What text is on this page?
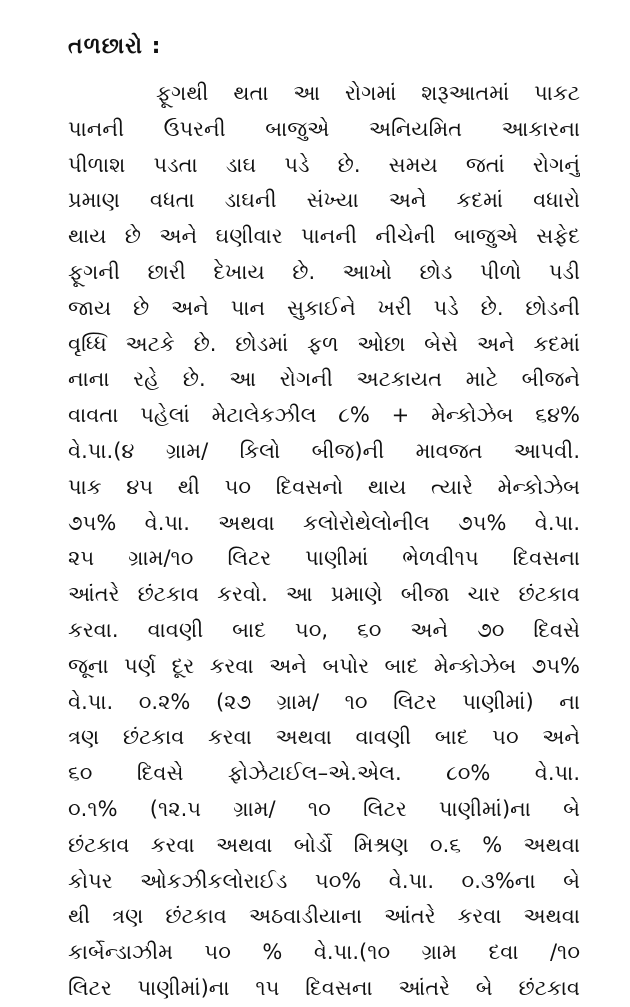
તળછારો :
ફૂગથી થતા આ રોગમાં શરૂઆતમાં પાકટ
પાનની ઉપરની બાજુએ અનિયમિત આકારના
પીળાશ પડતા ડાઘ પડે છે. સમય જતાં રોગનું
પ્રમાણ વધતા ડાઘની સંખ્યા અને કદમાં વધારો
થાય છે અને ઘણીવાર પાનની નીચેની બાજુએ સફેદ
ફૂગની છારી દેખાય છે. આખો છોડ પીળો પડી
જાય છે અને પાન સુકાઈને ખરી પડે છે. છોડની
વૃધ્ધિ અટકે છે. છોડમાં ફળ ઓછા બેસે અને કદમાં
નાના રહે છે. આ રોગની અટકાયત માટે બીજને
વાવતા પહેલાં મેટાલેકઝીલ ૮% + મેન્કોઝેબ ૬૪%
વે.પા.(૪ ગ્રામ/ કિલો બીજ)ની માવજત આપવી.
પાક ૪૫ થી ૫૦ દિવસનો થાય ત્યારે મેન્કોઝેબ
૭૫% વે.પા. અથવા કલોરોથેલોનીલ ૭૫% વે.પા.
૨૫ ગ્રામ/૧૦ લિટર પાણીમાં ભેળવી૧૫ દિવસના
આંતરે છંટકાવ કરવો. આ પ્રમાણે બીજા ચાર છંટકાવ
કરવા. વાવણી બાદ ૫૦, ૬૦ અને ૭૦ દિવસે
જૂના પર્ણ દૂર કરવા અને બપોર બાદ મેન્કોઝેબ ૭૫%
વે.પા. ૦.૨% (૨૭ ગ્રામ/ ૧૦ લિટર પાણીમાં) ના
ત્રણ છંટકાવ કરવા અથવા વાવણી બાદ ૫૦ અને
૬૦ દિવસે ફોઝેટાઈલ–એ.એલ. ૮૦% વે.પા.
૦.૧% (૧૨.૫ ગ્રામ/ ૧૦ લિટર પાણીમાં)ના બે
છંટકાવ કરવા અથવા બોર્ડો મિશ્રણ ૦.૬ % અથવા
કોપર ઓકઝીકલોરાઈડ ૫૦% વે.પા. ૦.૩%ના બે
થી ત્રણ છંટકાવ અઠવાડીયાના આંતરે કરવા અથવા
કાર્બેન્ડાઝીમ ૫૦ % વે.પા.(૧૦ ગ્રામ દવા /૧૦
લિટર પાણીમાં)ના ૧૫ દિવસના આંતરે બે છંટકાવ
